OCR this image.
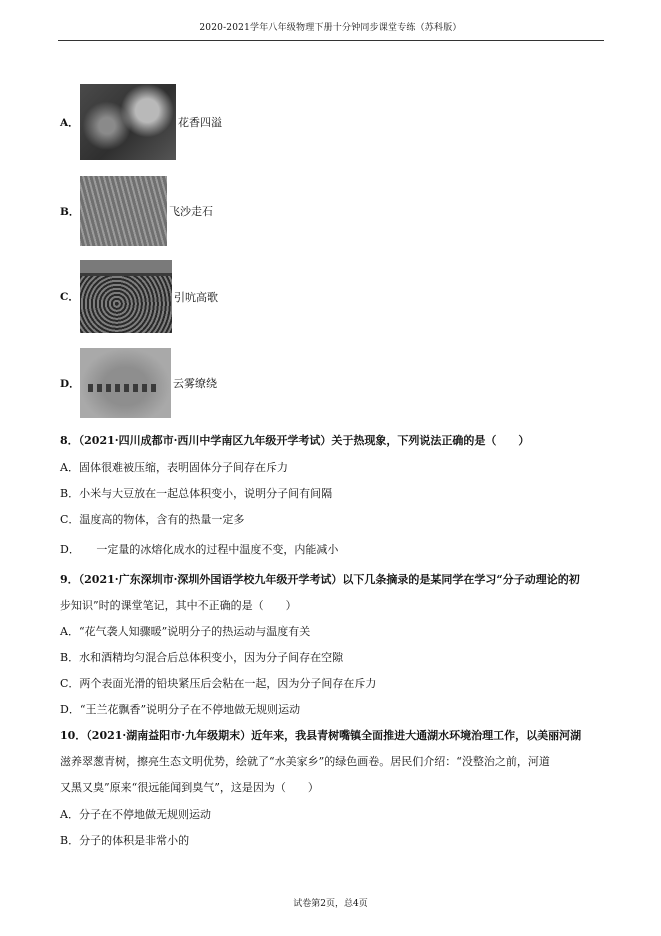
2020-2021学年八年级物理下册十分钟同步课堂专练（苏科版）
A．	花香四溢
B．	飞沙走石
C．	引吭高歌
D．	云雾缭绕
8．（2021·四川成都市·西川中学南区九年级开学考试）关于热现象，下列说法正确的是（　　）
A．固体很难被压缩，表明固体分子间存在斥力
B．小米与大豆放在一起总体积变小，说明分子间有间隔
C．温度高的物体，含有的热量一定多
D．　　一定量的冰熔化成水的过程中温度不变，内能减小
9．（2021·广东深圳市·深圳外国语学校九年级开学考试）以下几条摘录的是某同学在学习“分子动理论的初
步知识”时的课堂笔记，其中不正确的是（　　）
A．“花气袭人知骤暖”说明分子的热运动与温度有关
B．水和酒精均匀混合后总体积变小，因为分子间存在空隙
C．两个表面光滑的铅块紧压后会粘在一起，因为分子间存在斥力
D．“王兰花飘香”说明分子在不停地做无规则运动
10．（2021·湖南益阳市·九年级期末）近年来，我县青树嘴镇全面推进大通湖水环境治理工作，以美丽河湖
滋养翠葱青树，擦亮生态文明优势，绘就了“水美家乡”的绿色画卷。居民们介绍：“没整治之前，河道
又黑又臭”原来“很远能闻到臭气”，这是因为（　　）
A．分子在不停地做无规则运动
B．分子的体积是非常小的
试卷第2页，总4页
